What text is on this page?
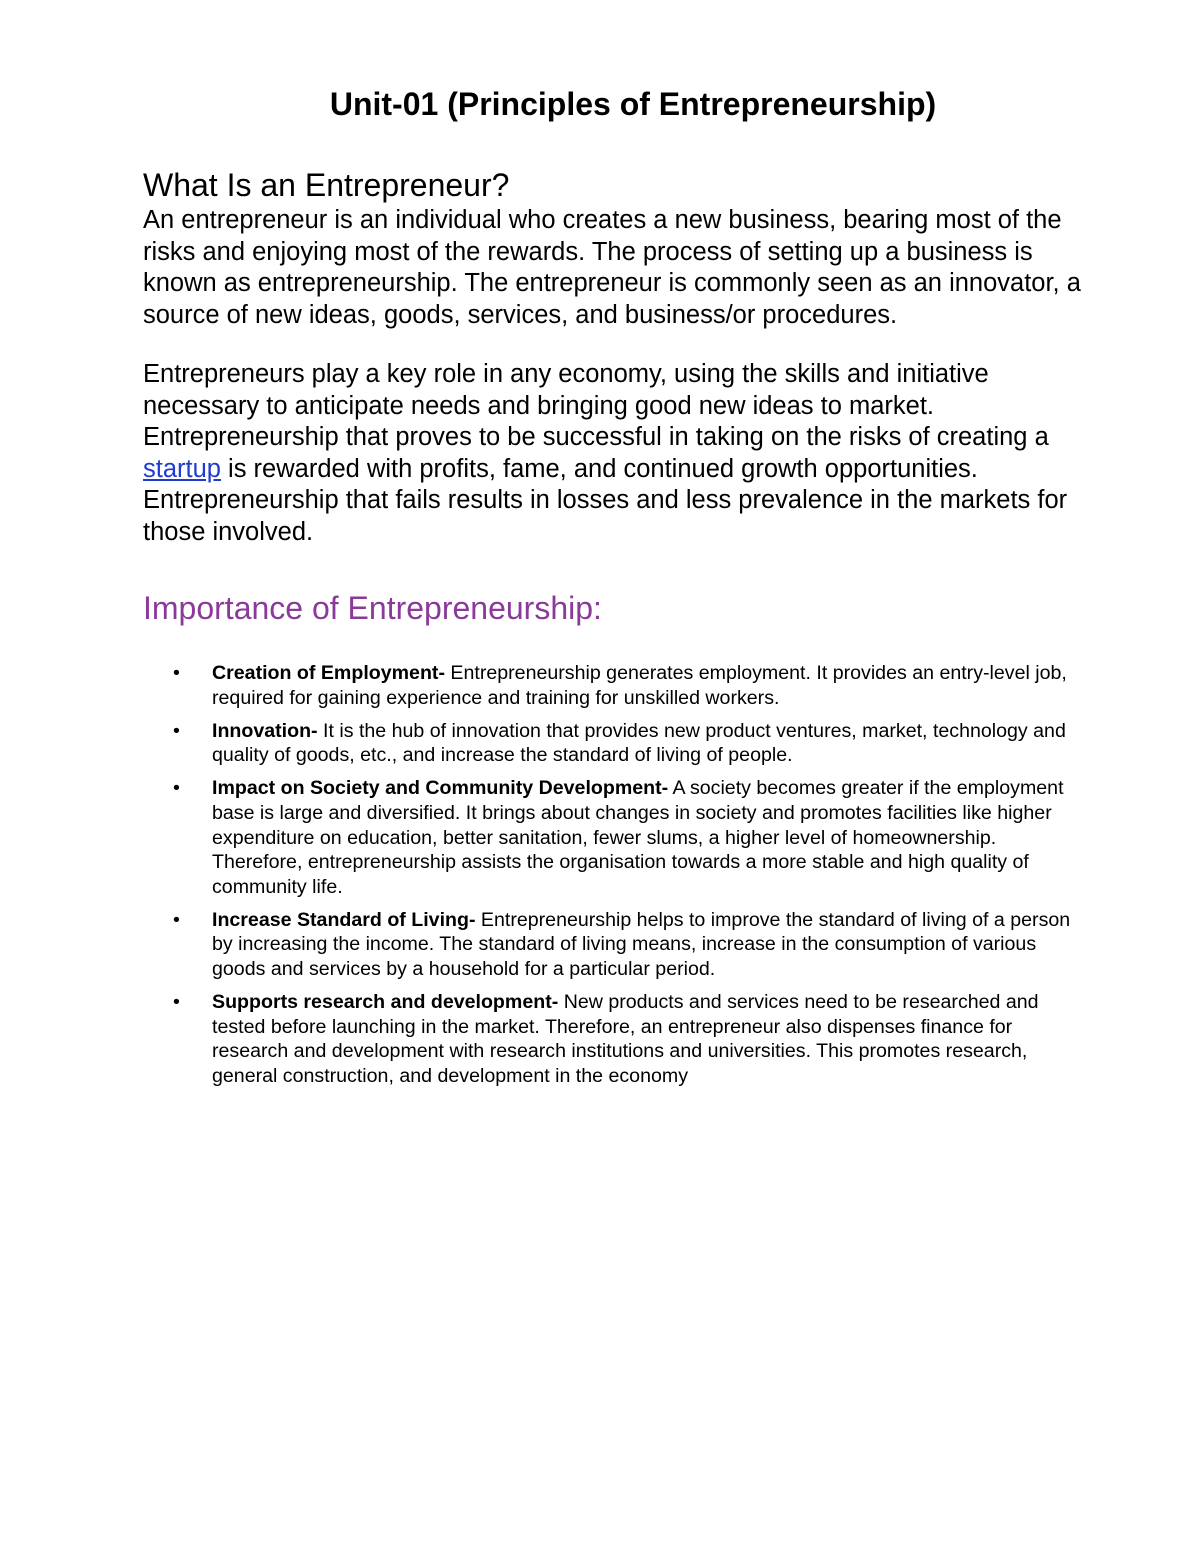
Unit-01 (Principles of Entrepreneurship)
What Is an Entrepreneur?

An entrepreneur is an individual who creates a new business, bearing most of the risks and enjoying most of the rewards. The process of setting up a business is known as entrepreneurship. The entrepreneur is commonly seen as an innovator, a source of new ideas, goods, services, and business/or procedures.

Entrepreneurs play a key role in any economy, using the skills and initiative necessary to anticipate needs and bringing good new ideas to market. Entrepreneurship that proves to be successful in taking on the risks of creating a startup is rewarded with profits, fame, and continued growth opportunities. Entrepreneurship that fails results in losses and less prevalence in the markets for those involved.

Importance of Entrepreneurship:
• Creation of Employment- Entrepreneurship generates employment. It provides an entry-level job, required for gaining experience and training for unskilled workers.
• Innovation- It is the hub of innovation that provides new product ventures, market, technology and quality of goods, etc., and increase the standard of living of people.
• Impact on Society and Community Development- A society becomes greater if the employment base is large and diversified. It brings about changes in society and promotes facilities like higher expenditure on education, better sanitation, fewer slums, a higher level of homeownership. Therefore, entrepreneurship assists the organisation towards a more stable and high quality of community life.
• Increase Standard of Living- Entrepreneurship helps to improve the standard of living of a person by increasing the income. The standard of living means, increase in the consumption of various goods and services by a household for a particular period.
• Supports research and development- New products and services need to be researched and tested before launching in the market. Therefore, an entrepreneur also dispenses finance for research and development with research institutions and universities. This promotes research, general construction, and development in the economy
